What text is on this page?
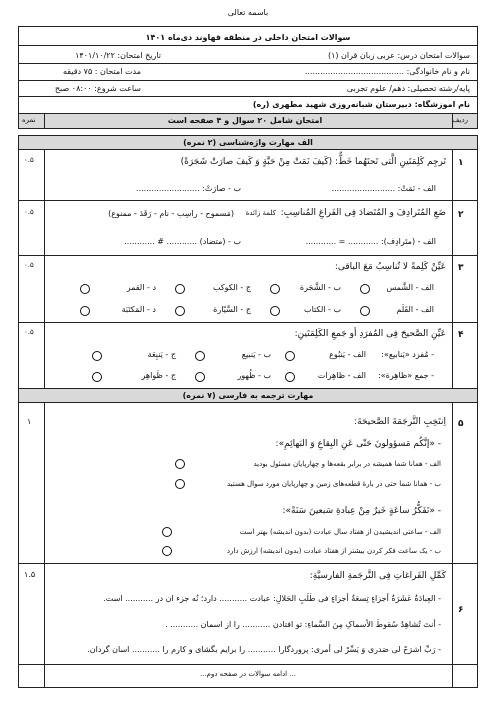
باسمه تعالی
سوالات امتحان داخلی در منطقه قهاوند دی‌ماه ۱۴۰۱
سوالات امتحان درس: عربی زبان قران (۱)
تاریخ امتحان: ۱۴۰۱/۱۰/۲۲
نام و نام خانوادگی: .......................................
مدت امتحان : ۷۵ دقیقه
پایه/رشته تحصیلی: دهم/ علوم تجربی
ساعت شروع: ۰۸:۰۰ صبح
نام اموزشگاه: دبیرستان شبانه‌روزی شهید مطهری (ره)
امتحان شامل ۲۰ سوال و ۴ صفحه است	ردیف
نمره
الف مهارت واژه‌شناسی (۲ نمره)
۱
۰.۵	تَرجِم کَلِمَتَینِ الَّتی تَحتَهُما خَطٌّ: (کَیفَ نَمَتْ مِنْ حَبَّةٍ وَ کَیفَ صارَتْ شَجَرَةً)
الف - نَمَتْ: .........................
ب - صارَتْ: .........................
۲
۰.۵	ضَعِ المُتَرادِفَ و المُتَضادَ فِی الفَراغِ المُناسِبِ:
کلمة زائدة
(مَسموح - راسِب - نام - رَقَدَ - ممنوع)
الف - (متَرادِف): ............ = ............
ب - (متضاد) ............ # ............
۳
۰.۵	عَیِّنْ کَلِمةً لا تُناسِبُ مَعَ الباقی:
الف - الشَّمس
ب - الشَّجَرة
ج - الکوکب
د - القمر
الف - القَلَم
ب - الکتاب
ج - السَّیّارة
د - المَکتَبَة
۴
۰.۵	عَیِّنِ الصَّحیحَ فِی المُفرَدِ أو جَمعِ الکَلِمَتَینِ:
- مُفرد «یَنابیع»:
الف - یَنبُوع
ب - یَنبیع
ج - یَنبِعَة
- جمع «ظاهِرة»:
الف - ظاهِرات
ب - ظُهور
ج - ظَواهِر
مهارت ترجمه به فارسی (۷ نمره)
۵
۱	اِنتَخِبِ التَّرجَمَةَ الصَّحیحَةَ:
- «إنَّکُم مَسؤولونَ حَتّی عَنِ البِقاعِ وَ البَهائِمِ»:
الف - همانا شما همیشه در برابر بقعه‌ها و چهارپایان مسئول بودید
ب - همانا شما حتی در بارهٔ قطعه‌های زمین و چهارپایان مورد سوال هستید
- «تَفَکُّرُ ساعَةٍ خَیرٌ مِنْ عِبادةِ سَبعینَ سَنَةً»:
الف - ساعتی اندیشیدن از هفتاد سال عبادت (بدون اندیشه) بهتر است
ب - یک ساعت فکر کردن بیشتر از هفتاد عبادت (بدون اندیشه) ارزش دارد
۶
۱.۵	کَمِّلِ الفَراغاتِ فِی التَّرجَمةِ الفارسیَّةِ:
- العِبادَةُ عَشَرَةُ أجزاءٍ تِسعَةٌ أجزاءٍ فی طَلَبِ الحَلالِ: عبادت ........... دارد؛ نُه جزء ان در ........... است.
- أنتَ تُشاهِدُ سُقوطَ الأسماکِ مِنَ السَّماءِ: تو افتادن ........... را از اسمان ........... .
- رَبِّ اشرَحْ لی صَدری وَ یَسِّرْ لی أمری: پروردگارا ........... را برایم بگشای و کارم را ........... اسان گردان.
... ادامه سوالات در صفحه دوم...
